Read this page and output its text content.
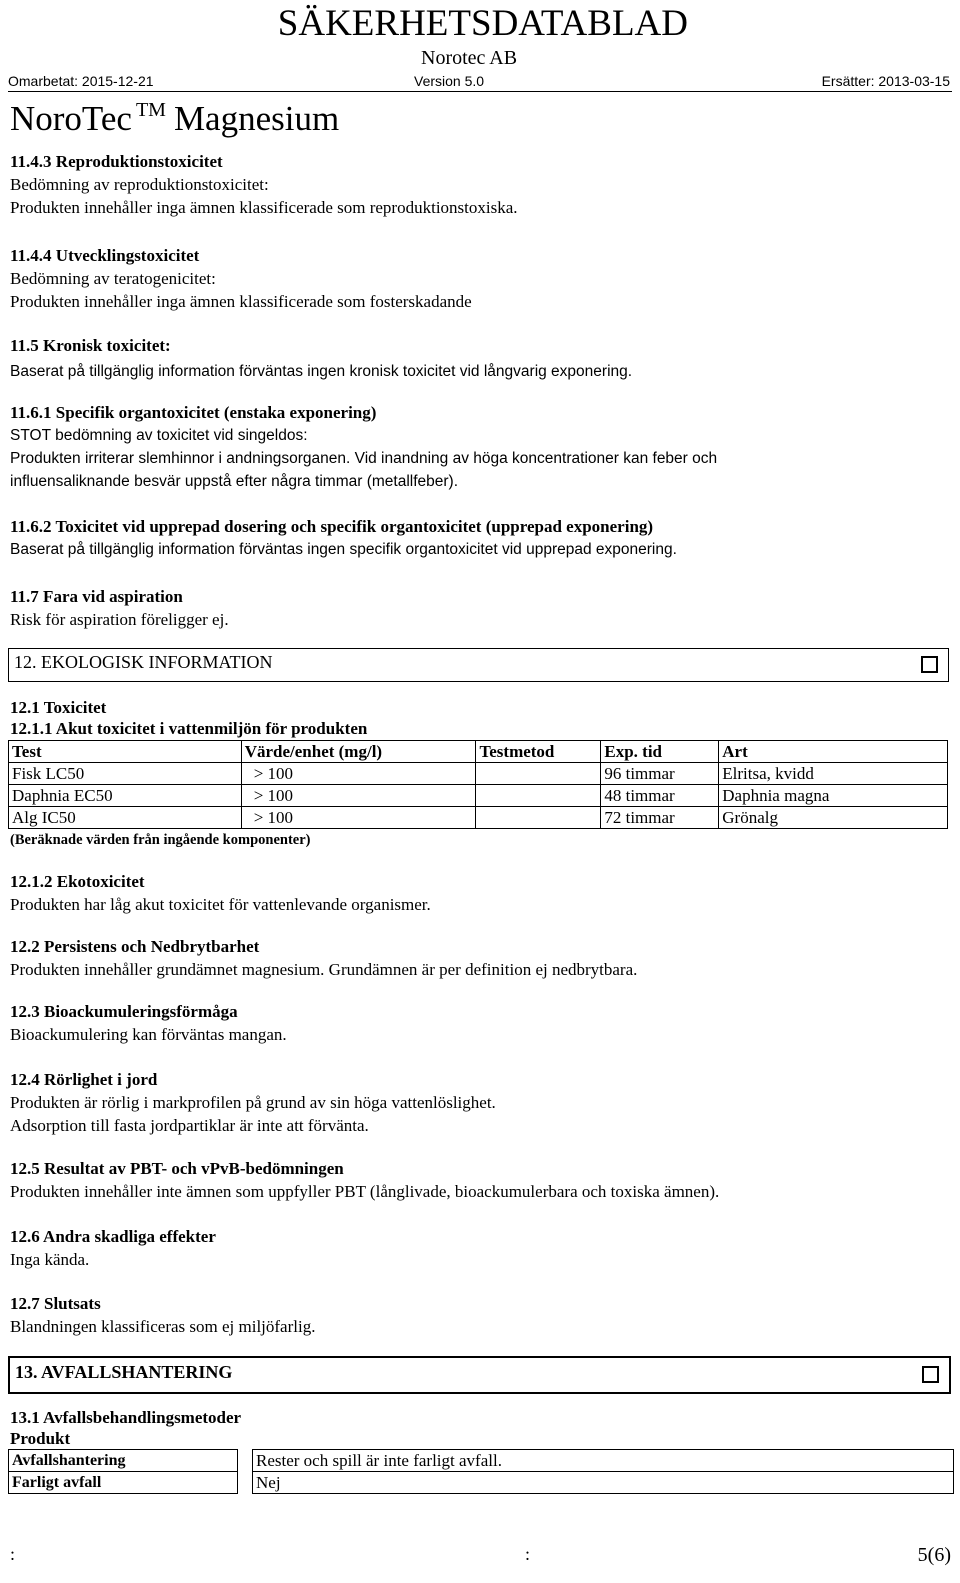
SÄKERHETSDATABLAD
Norotec AB
Omarbetat: 2015-12-21	Version 5.0	Ersätter: 2013-03-15
NoroTec ™ Magnesium
11.4.3 Reproduktionstoxicitet
Bedömning av reproduktionstoxicitet:
Produkten innehåller inga ämnen klassificerade som reproduktionstoxiska.
11.4.4 Utvecklingstoxicitet
Bedömning av teratogenicitet:
Produkten innehåller inga ämnen klassificerade som fosterskadande
11.5 Kronisk toxicitet:
Baserat på tillgänglig information förväntas ingen kronisk toxicitet vid långvarig exponering.
11.6.1 Specifik organtoxicitet (enstaka exponering)
STOT bedömning av toxicitet vid singeldos:
Produkten irriterar slemhinnor i andningsorganen. Vid inandning av höga koncentrationer kan feber och
influensaliknande besvär uppstå efter några timmar (metallfeber).
11.6.2 Toxicitet vid upprepad dosering och specifik organtoxicitet (upprepad exponering)
Baserat på tillgänglig information förväntas ingen specifik organtoxicitet vid upprepad exponering.
11.7 Fara vid aspiration
Risk för aspiration föreligger ej.
12. EKOLOGISK INFORMATION
12.1 Toxicitet
12.1.1 Akut toxicitet i vattenmiljön för produkten
Test	Värde/enhet (mg/l)	Testmetod	Exp. tid	Art
Fisk LC50	> 100		96 timmar	Elritsa, kvidd
Daphnia EC50	> 100		48 timmar	Daphnia magna
Alg IC50	> 100		72 timmar	Grönalg
(Beräknade värden från ingående komponenter)
12.1.2 Ekotoxicitet
Produkten har låg akut toxicitet för vattenlevande organismer.
12.2 Persistens och Nedbrytbarhet
Produkten innehåller grundämnet magnesium. Grundämnen är per definition ej nedbrytbara.
12.3 Bioackumuleringsförmåga
Bioackumulering kan förväntas mangan.
12.4 Rörlighet i jord
Produkten är rörlig i markprofilen på grund av sin höga vattenlöslighet.
Adsorption till fasta jordpartiklar är inte att förvänta.
12.5 Resultat av PBT- och vPvB-bedömningen
Produkten innehåller inte ämnen som uppfyller PBT (långlivade, bioackumulerbara och toxiska ämnen).
12.6 Andra skadliga effekter
Inga kända.
12.7 Slutsats
Blandningen klassificeras som ej miljöfarlig.
13. AVFALLSHANTERING
13.1 Avfallsbehandlingsmetoder
Produkt
Avfallshantering		Rester och spill är inte farligt avfall.
Farligt avfall		Nej
:	:	5(6)
